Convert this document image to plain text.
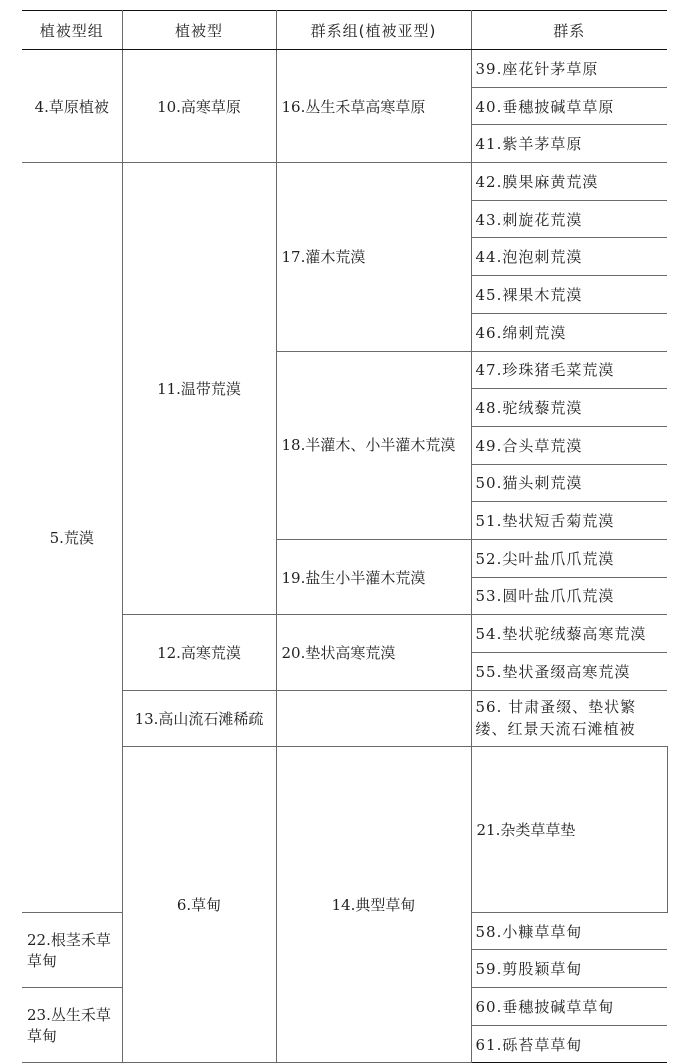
植被型组	植被型	群系组(植被亚型)	群系	
4.草原植被	10.高寒草原	16.丛生禾草高寒草原	39.座花针茅草原	
			40.垂穗披碱草草原	
			41.紫羊茅草原	
5.荒漠	11.温带荒漠	17.灌木荒漠	42.膜果麻黄荒漠	
			43.刺旋花荒漠	
			44.泡泡刺荒漠	
			45.裸果木荒漠	
			46.绵刺荒漠	
		18.半灌木、小半灌木荒漠	47.珍珠猪毛菜荒漠	
			48.驼绒藜荒漠	
			49.合头草荒漠	
			50.猫头刺荒漠	
			51.垫状短舌菊荒漠	
		19.盐生小半灌木荒漠	52.尖叶盐爪爪荒漠	
			53.圆叶盐爪爪荒漠	
	12.高寒荒漠	20.垫状高寒荒漠	54.垫状驼绒藜高寒荒漠	
			55.垫状蚤缀高寒荒漠	
	13.高山流石滩稀疏		56. 甘肃蚤缀、垫状繁缕、红景天流石滩植被	
	6.草甸	14.典型草甸	21.杂类草草垫	
22.根茎禾草草甸			58.小糠草草甸	
			59.剪股颖草甸	
23.丛生禾草草甸			60.垂穗披碱草草甸	
			61.砾苔草草甸	
